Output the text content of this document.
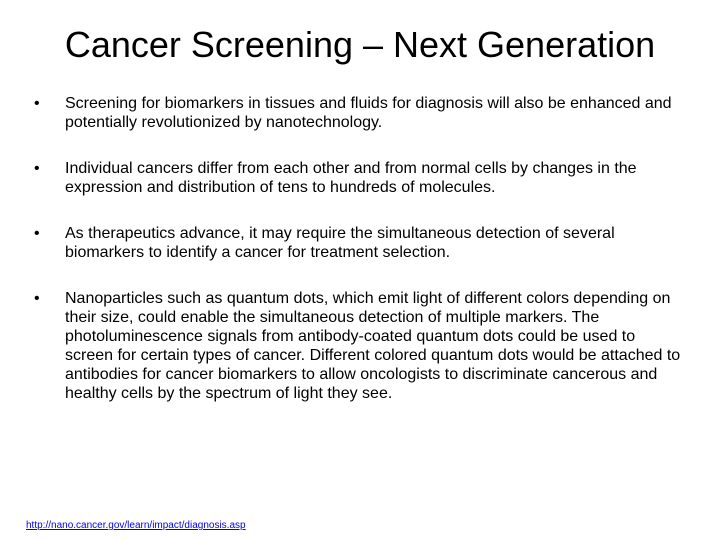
Cancer Screening – Next Generation
• Screening for biomarkers in tissues and fluids for diagnosis will also be enhanced and potentially revolutionized by nanotechnology.
• Individual cancers differ from each other and from normal cells by changes in the expression and distribution of tens to hundreds of molecules.
• As therapeutics advance, it may require the simultaneous detection of several biomarkers to identify a cancer for treatment selection.
• Nanoparticles such as quantum dots, which emit light of different colors depending on their size, could enable the simultaneous detection of multiple markers. The photoluminescence signals from antibody-coated quantum dots could be used to screen for certain types of cancer. Different colored quantum dots would be attached to antibodies for cancer biomarkers to allow oncologists to discriminate cancerous and healthy cells by the spectrum of light they see.
http://nano.cancer.gov/learn/impact/diagnosis.asp
